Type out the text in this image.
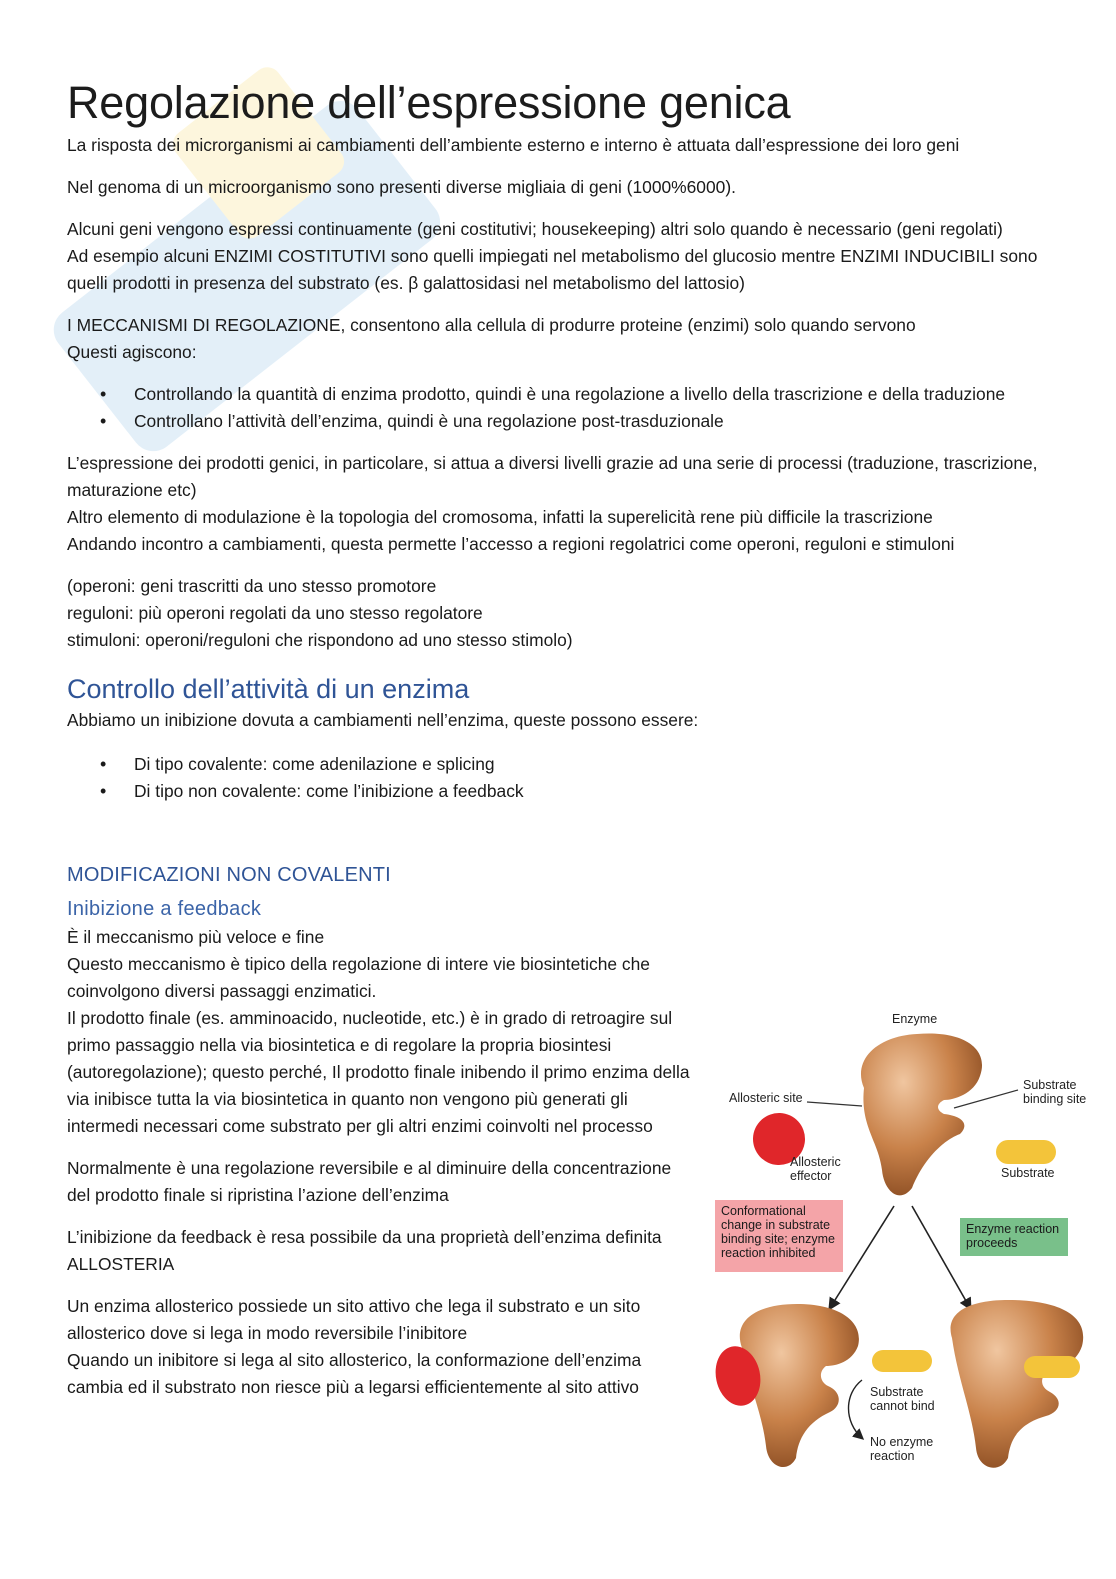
Regolazione dell’espressione genica

La risposta dei microrganismi ai cambiamenti dell’ambiente esterno e interno è attuata dall’espressione dei loro geni

Nel genoma di un microorganismo sono presenti diverse migliaia di geni (1000%6000).

Alcuni geni vengono espressi continuamente (geni costitutivi; housekeeping) altri solo quando è necessario (geni regolati)
Ad esempio alcuni ENZIMI COSTITUTIVI sono quelli impiegati nel metabolismo del glucosio mentre ENZIMI INDUCIBILI sono quelli prodotti in presenza del substrato (es. β galattosidasi nel metabolismo del lattosio)

I MECCANISMI DI REGOLAZIONE, consentono alla cellula di produrre proteine (enzimi) solo quando servono
Questi agiscono:

• Controllando la quantità di enzima prodotto, quindi è una regolazione a livello della trascrizione e della traduzione
• Controllano l’attività dell’enzima, quindi è una regolazione post-trasduzionale

L’espressione dei prodotti genici, in particolare, si attua a diversi livelli grazie ad una serie di processi (traduzione, trascrizione, maturazione etc)
Altro elemento di modulazione è la topologia del cromosoma, infatti la superelicità rene più difficile la trascrizione
Andando incontro a cambiamenti, questa permette l’accesso a regioni regolatrici come operoni, reguloni e stimuloni

(operoni: geni trascritti da uno stesso promotore
reguloni: più operoni regolati da uno stesso regolatore
stimuloni: operoni/reguloni che rispondono ad uno stesso stimolo)

Controllo dell’attività di un enzima

Abbiamo un inibizione dovuta a cambiamenti nell’enzima, queste possono essere:

• Di tipo covalente: come adenilazione e splicing
• Di tipo non covalente: come l’inibizione a feedback
MODIFICAZIONI NON COVALENTI
Inibizione a feedback

È il meccanismo più veloce e fine
Questo meccanismo è tipico della regolazione di intere vie biosintetiche che coinvolgono diversi passaggi enzimatici.
Il prodotto finale (es. amminoacido, nucleotide, etc.) è in grado di retroagire sul primo passaggio nella via biosintetica e di regolare la propria biosintesi (autoregolazione); questo perché, Il prodotto finale inibendo il primo enzima della via inibisce tutta la via biosintetica in quanto non vengono più generati gli intermedi necessari come substrato per gli altri enzimi coinvolti nel processo

Normalmente è una regolazione reversibile e al diminuire della concentrazione del prodotto finale si ripristina l’azione dell’enzima

L’inibizione da feedback è resa possibile da una proprietà dell’enzima definita ALLOSTERIA

Un enzima allosterico possiede un sito attivo che lega il substrato e un sito allosterico dove si lega in modo reversibile l’inibitore
Quando un inibitore si lega al sito allosterico, la conformazione dell’enzima cambia ed il substrato non riesce più a legarsi efficientemente al sito attivo

Enzyme
Allosteric site
Substrate binding site
Allosteric effector	Substrate
Conformational change in substrate binding site; enzyme reaction inhibited
Enzyme reaction proceeds
Substrate cannot bind
No enzyme reaction
